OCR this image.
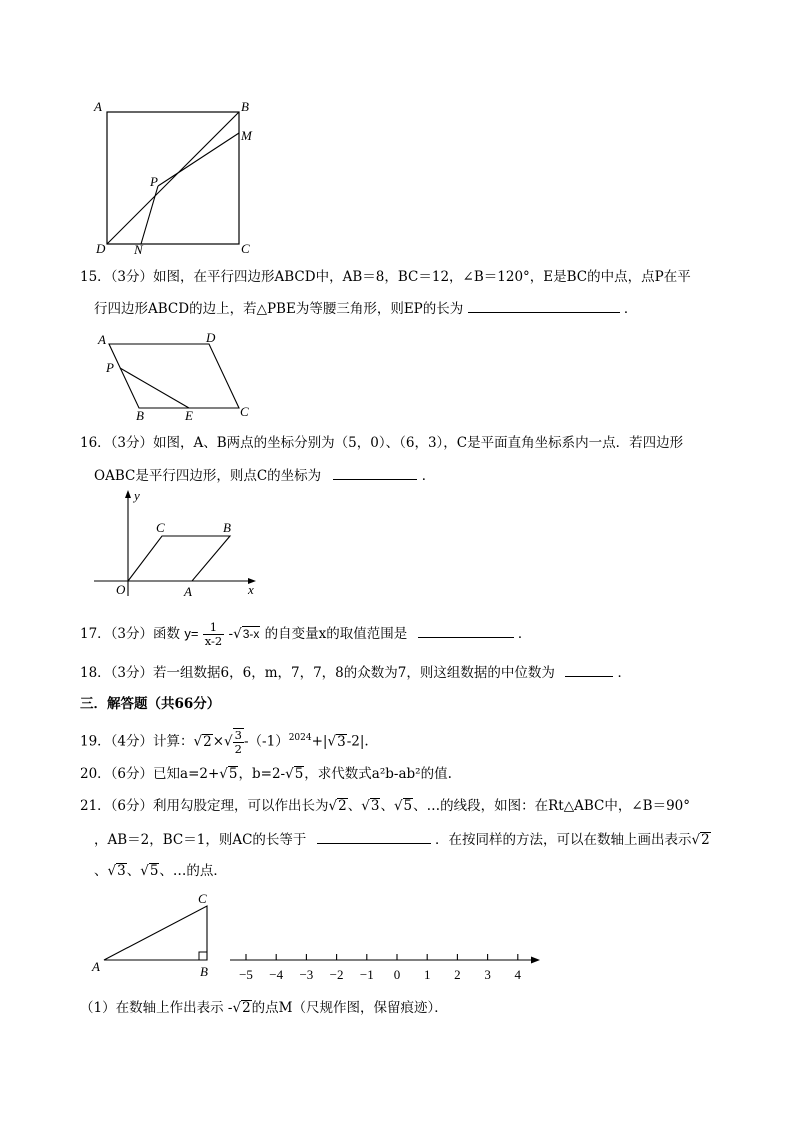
A	B
M
P
D N	C
15．（3分）如图，在平行四边形ABCD中，AB＝8，BC＝12，∠B＝120°，E是BC的中点，点P在平
行四边形ABCD的边上，若△PBE为等腰三角形，则EP的长为	．
A	D
P
B	E	C
16．（3分）如图，A、B两点的坐标分别为（5，0）、（6，3），C是平面直角坐标系内一点．若四边形
OABC是平行四边形，则点C的坐标为	．
y
C	B
O	A	x
17．（3分）函数 $y= \frac{1}{x-2} -√3-x$ 的自变量x的取值范围是	．
18．（3分）若一组数据6，6，m，7，7，8的众数为7，则这组数据的中位数为	．
三．解答题（共66分）
19．（4分）计算：$√2\times√ \frac{3}{2} -(-1)^{2024}+|√3-2|$.
20．（6分）已知a=2+√5，b=2-√5，求代数式a²b-ab²的值.
21．（6分）利用勾股定理，可以作出长为√2、√3、√5、…的线段，如图：在Rt△ABC中，∠B＝90°
，AB＝2，BC＝1，则AC的长等于	．在按同样的方法，可以在数轴上画出表示√2
、√3、√5、…的点．
C
A	B −5 −4 −3 −2 −1 0 1 2 3 4
（1）在数轴上作出表示 -√2的点M（尺规作图，保留痕迹）．
